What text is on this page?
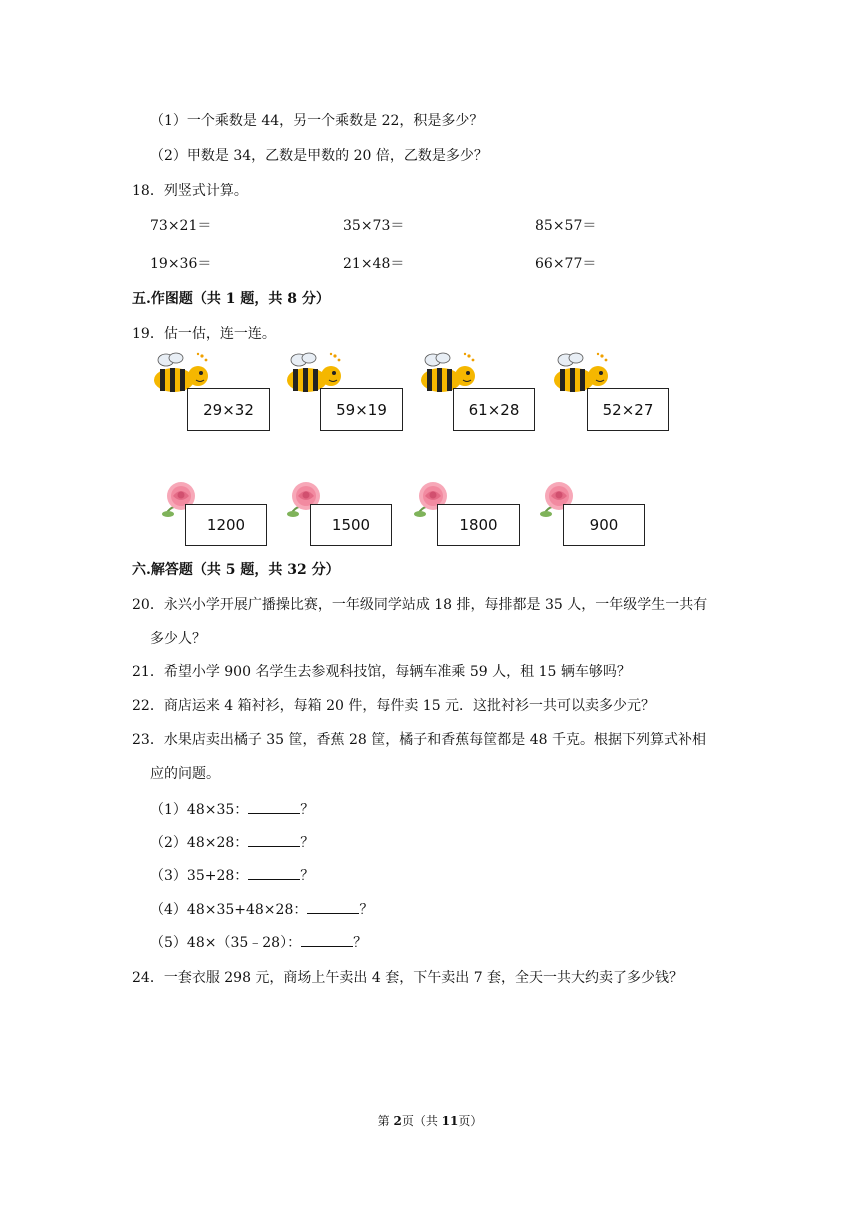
（1）一个乘数是 44，另一个乘数是 22，积是多少？
（2）甲数是 34，乙数是甲数的 20 倍，乙数是多少？
18．列竖式计算。
73×21＝	35×73＝	85×57＝
19×36＝	21×48＝	66×77＝
五.作图题（共 1 题，共 8 分）
19．估一估，连一连。
29×32	59×19	61×28	52×27
1200	1500	1800	900
六.解答题（共 5 题，共 32 分）
20．永兴小学开展广播操比赛，一年级同学站成 18 排，每排都是 35 人，一年级学生一共有
多少人？
21．希望小学 900 名学生去参观科技馆，每辆车准乘 59 人，租 15 辆车够吗？
22．商店运来 4 箱衬衫，每箱 20 件，每件卖 15 元．这批衬衫一共可以卖多少元？
23．水果店卖出橘子 35 筐，香蕉 28 筐，橘子和香蕉每筐都是 48 千克。根据下列算式补相
应的问题。
（1）48×35：	？
（2）48×28：	？
（3）35+28：	？
（4）48×35+48×28：	？
（5）48×（35﹣28）：	？
24．一套衣服 298 元，商场上午卖出 4 套，下午卖出 7 套，全天一共大约卖了多少钱？
第 2页（共 11页）
